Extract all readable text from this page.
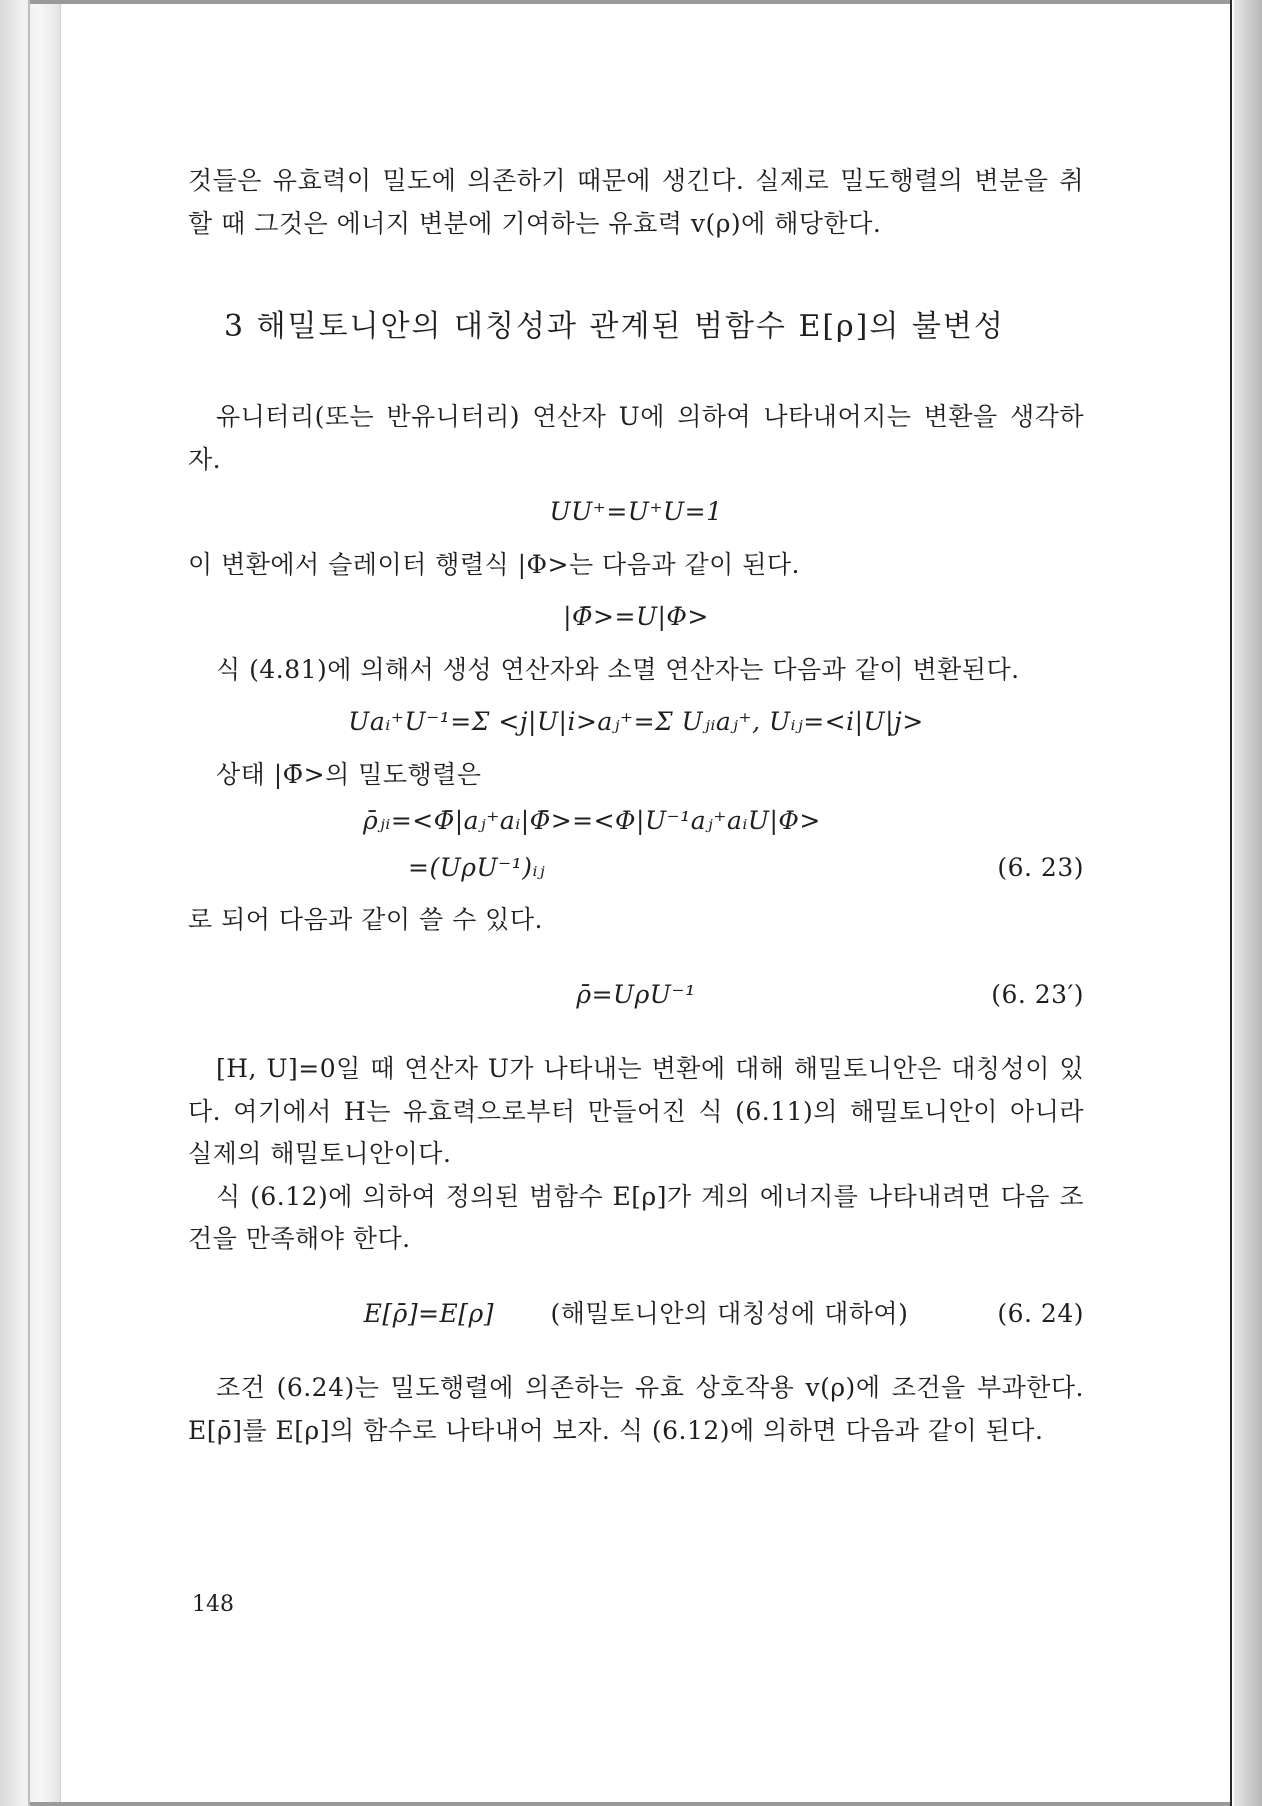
것들은 유효력이 밀도에 의존하기 때문에 생긴다. 실제로 밀도행렬의 변분을 취할 때 그것은 에너지 변분에 기여하는 유효력 v(ρ)에 해당한다.

3 해밀토니안의 대칭성과 관계된 범함수 E[ρ]의 불변성

유니터리(또는 반유니터리) 연산자 U에 의하여 나타내어지는 변환을 생각하자.

UU⁺=U⁺U=1

이 변환에서 슬레이터 행렬식 |Φ>는 다음과 같이 된다.

|Φ̄>=U|Φ>

식 (4.81)에 의해서 생성 연산자와 소멸 연산자는 다음과 같이 변환된다.

Uaᵢ⁺U⁻¹=Σ <j|U|i>aⱼ⁺=Σ Uⱼᵢaⱼ⁺, Uᵢⱼ=<i|U|j>

상태 |Φ̄>의 밀도행렬은

ρ̄ⱼᵢ=<Φ̄|aⱼ⁺aᵢ|Φ̄>=<Φ|U⁻¹aⱼ⁺aᵢU|Φ>
=(UρU⁻¹)ᵢⱼ	(6. 23)

로 되어 다음과 같이 쓸 수 있다.

ρ̄=UρU⁻¹	(6. 23′)

[H, U]=0일 때 연산자 U가 나타내는 변환에 대해 해밀토니안은 대칭성이 있다. 여기에서 H는 유효력으로부터 만들어진 식 (6.11)의 해밀토니안이 아니라 실제의 해밀토니안이다.

식 (6.12)에 의하여 정의된 범함수 E[ρ]가 계의 에너지를 나타내려면 다음 조건을 만족해야 한다.

E[ρ̄]=E[ρ] (해밀토니안의 대칭성에 대하여)	(6. 24)

조건 (6.24)는 밀도행렬에 의존하는 유효 상호작용 v(ρ)에 조건을 부과한다. E[ρ̄]를 E[ρ]의 함수로 나타내어 보자. 식 (6.12)에 의하면 다음과 같이 된다.

148
